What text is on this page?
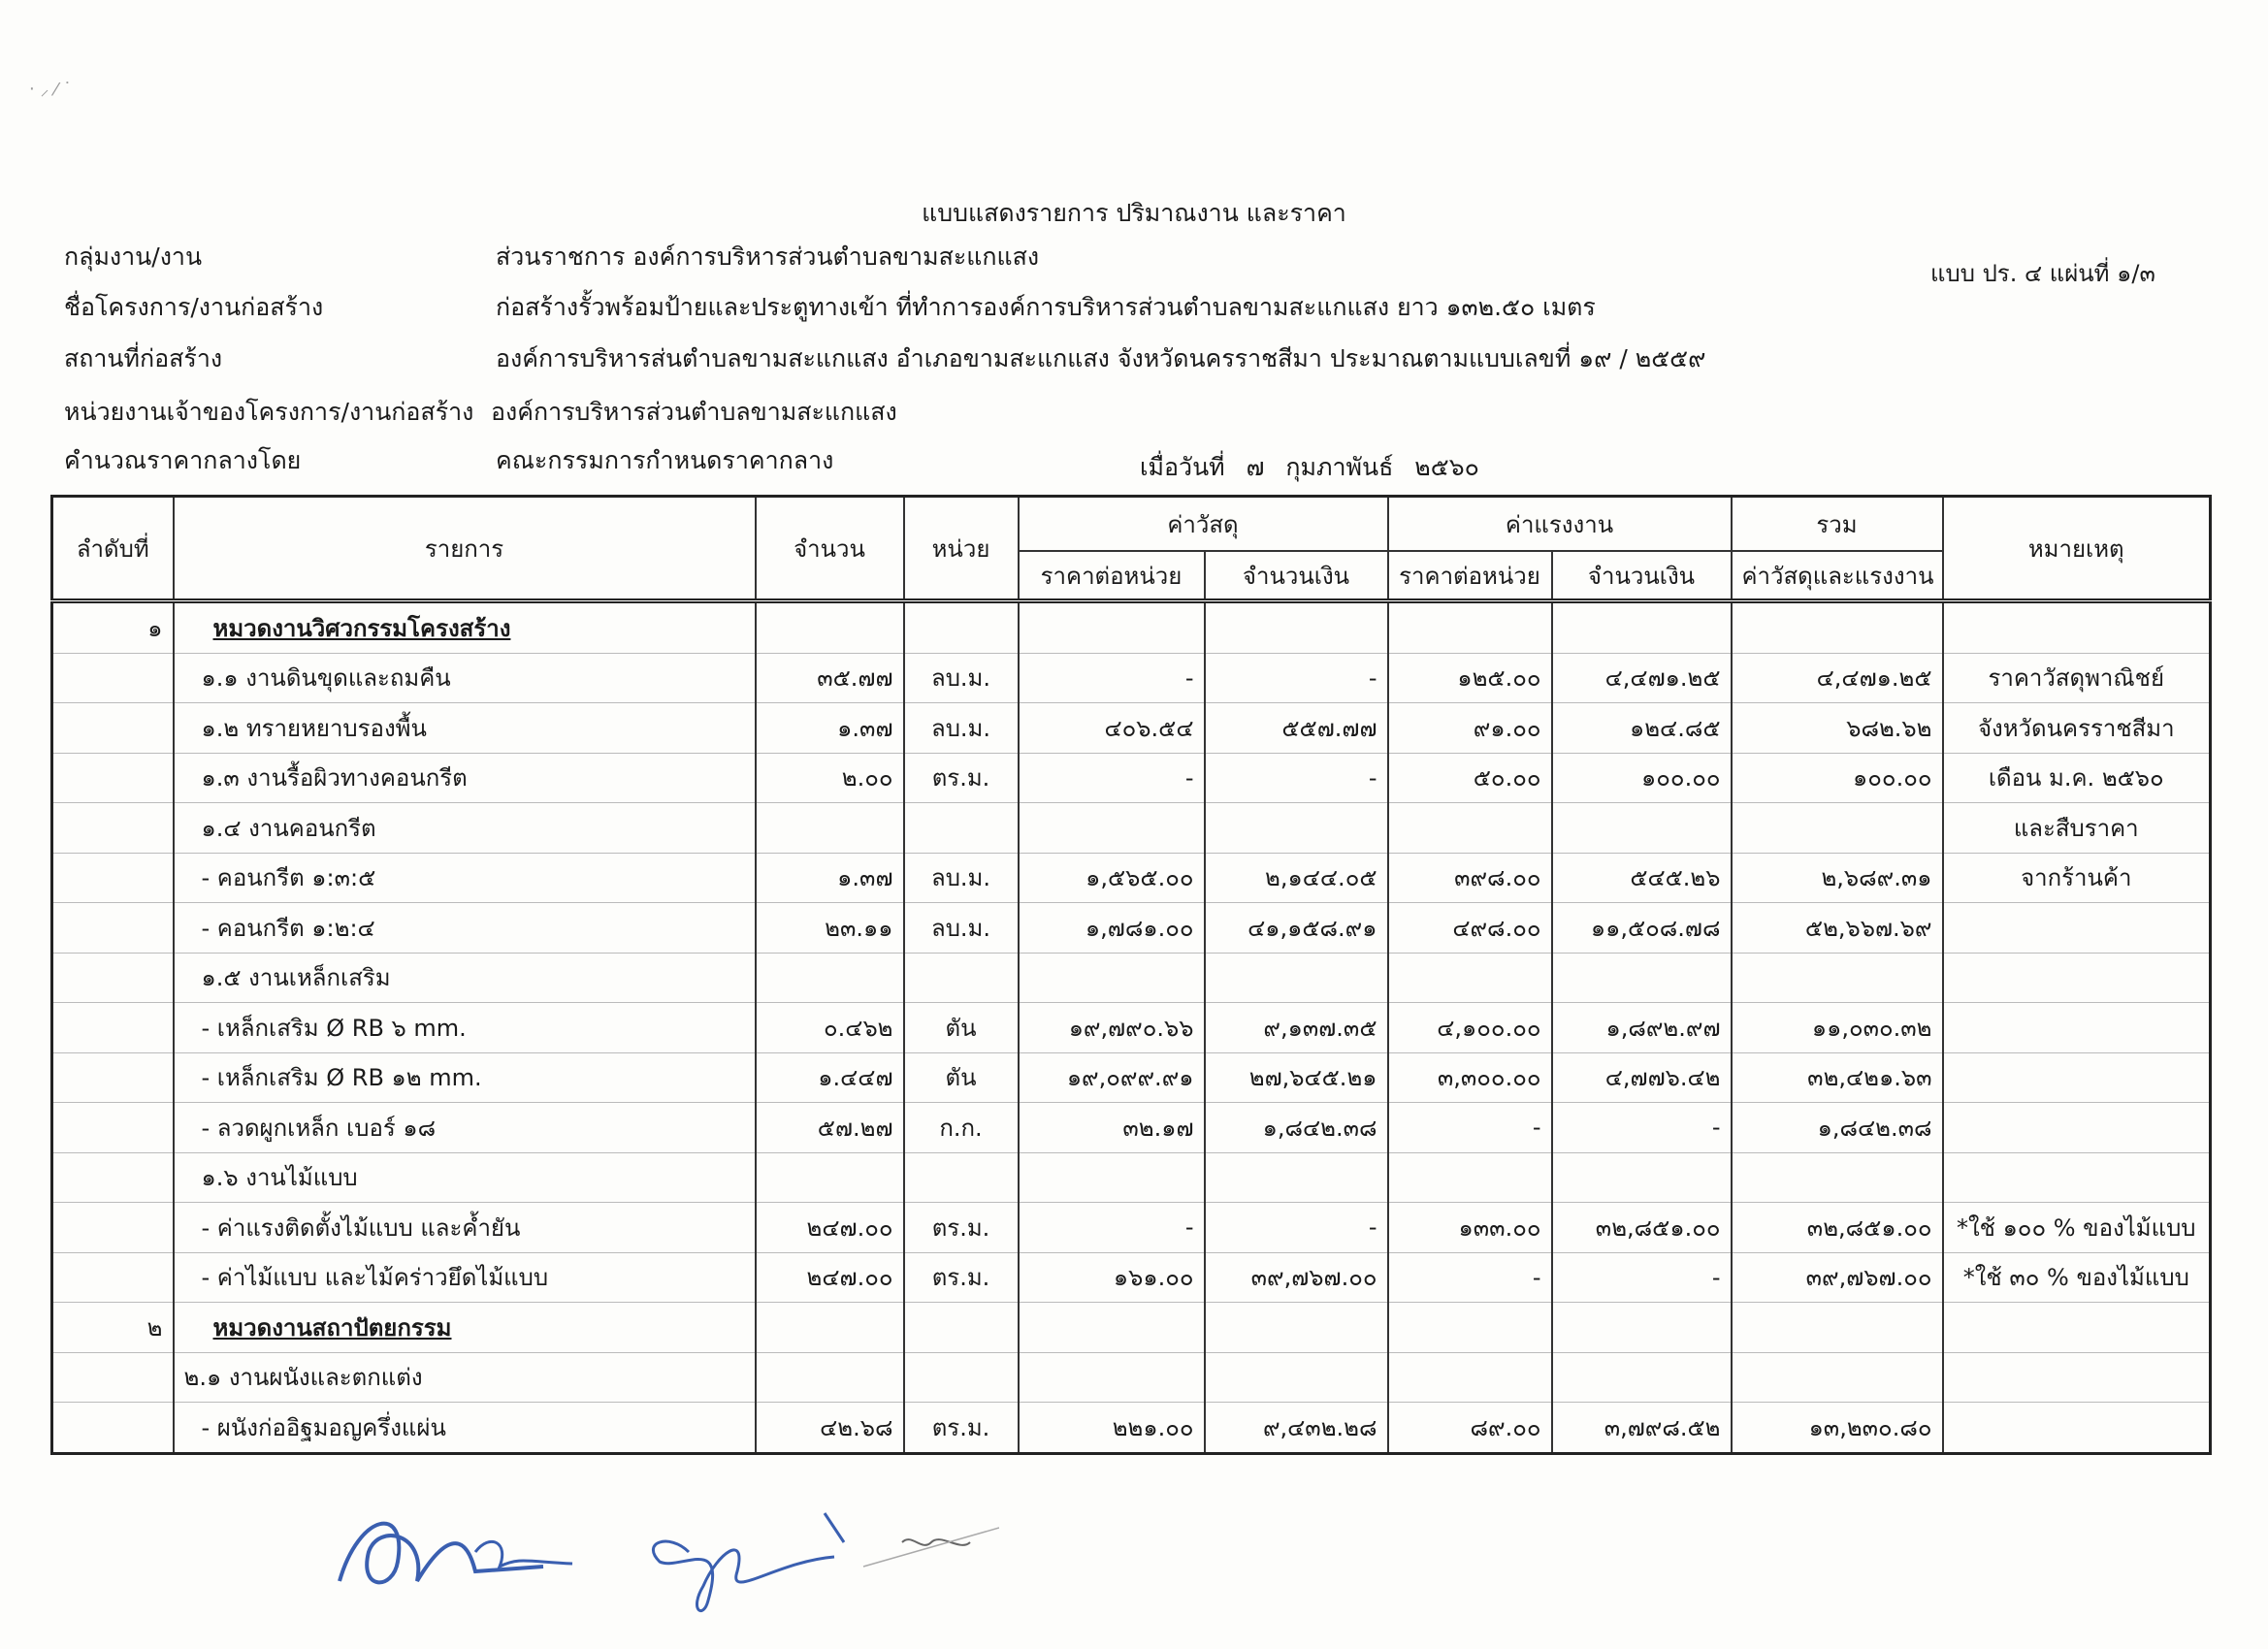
‧ ⸝ ⁄ ˙
แบบแสดงรายการ ปริมาณงาน และราคา
แบบ ปร. ๔ แผ่นที่ ๑/๓
กลุ่มงาน/งาน	ส่วนราชการ องค์การบริหารส่วนตำบลขามสะแกแสง
ชื่อโครงการ/งานก่อสร้าง	ก่อสร้างรั้วพร้อมป้ายและประตูทางเข้า ที่ทำการองค์การบริหารส่วนตำบลขามสะแกแสง ยาว ๑๓๒.๕๐ เมตร
สถานที่ก่อสร้าง	องค์การบริหารส่นตำบลขามสะแกแสง อำเภอขามสะแกแสง จังหวัดนครราชสีมา ประมาณตามแบบเลขที่ ๑๙ / ๒๕๕๙
หน่วยงานเจ้าของโครงการ/งานก่อสร้าง องค์การบริหารส่วนตำบลขามสะแกแสง
คำนวณราคากลางโดย	คณะกรรมการกำหนดราคากลาง	เมื่อวันที่ ๗ กุมภาพันธ์ ๒๕๖๐
ลำดับที่	รายการ	จำนวน	หน่วย	ค่าวัสดุ		ค่าแรงงาน		รวม	หมายเหตุ
				ราคาต่อหน่วย	จำนวนเงิน	ราคาต่อหน่วย	จำนวนเงิน	ค่าวัสดุและแรงงาน	
๑	หมวดงานวิศวกรรมโครงสร้าง								
	๑.๑ งานดินขุดและถมคืน	๓๕.๗๗	ลบ.ม.	-	-	๑๒๕.๐๐	๔,๔๗๑.๒๕	๔,๔๗๑.๒๕	ราคาวัสดุพาณิชย์
	๑.๒ ทรายหยาบรองพื้น	๑.๓๗	ลบ.ม.	๔๐๖.๕๔	๕๕๗.๗๗	๙๑.๐๐	๑๒๔.๘๕	๖๘๒.๖๒	จังหวัดนครราชสีมา
	๑.๓ งานรื้อผิวทางคอนกรีต	๒.๐๐	ตร.ม.	-	-	๕๐.๐๐	๑๐๐.๐๐	๑๐๐.๐๐	เดือน ม.ค. ๒๕๖๐
	๑.๔ งานคอนกรีต								และสืบราคา
	- คอนกรีต ๑:๓:๕	๑.๓๗	ลบ.ม.	๑,๕๖๕.๐๐	๒,๑๔๔.๐๕	๓๙๘.๐๐	๕๔๕.๒๖	๒,๖๘๙.๓๑	จากร้านค้า
	- คอนกรีต ๑:๒:๔	๒๓.๑๑	ลบ.ม.	๑,๗๘๑.๐๐	๔๑,๑๕๘.๙๑	๔๙๘.๐๐	๑๑,๕๐๘.๗๘	๕๒,๖๖๗.๖๙	
	๑.๕ งานเหล็กเสริม								
	- เหล็กเสริม Ø RB ๖ mm.	๐.๔๖๒	ตัน	๑๙,๗๙๐.๖๖	๙,๑๓๗.๓๕	๔,๑๐๐.๐๐	๑,๘๙๒.๙๗	๑๑,๐๓๐.๓๒	
	- เหล็กเสริม Ø RB ๑๒ mm.	๑.๔๔๗	ตัน	๑๙,๐๙๙.๙๑	๒๗,๖๔๕.๒๑	๓,๓๐๐.๐๐	๔,๗๗๖.๔๒	๓๒,๔๒๑.๖๓	
	- ลวดผูกเหล็ก เบอร์ ๑๘	๕๗.๒๗	ก.ก.	๓๒.๑๗	๑,๘๔๒.๓๘	-	-	๑,๘๔๒.๓๘	
	๑.๖ งานไม้แบบ								
	- ค่าแรงติดตั้งไม้แบบ และค้ำยัน	๒๔๗.๐๐	ตร.ม.	-	-	๑๓๓.๐๐	๓๒,๘๕๑.๐๐	๓๒,๘๕๑.๐๐	*ใช้ ๑๐๐ % ของไม้แบบ
	- ค่าไม้แบบ และไม้คร่าวยึดไม้แบบ	๒๔๗.๐๐	ตร.ม.	๑๖๑.๐๐	๓๙,๗๖๗.๐๐	-	-	๓๙,๗๖๗.๐๐	*ใช้ ๓๐ % ของไม้แบบ
๒	หมวดงานสถาปัตยกรรม								
	๒.๑ งานผนังและตกแต่ง								
	- ผนังก่ออิฐมอญครึ่งแผ่น	๔๒.๖๘	ตร.ม.	๒๒๑.๐๐	๙,๔๓๒.๒๘	๘๙.๐๐	๓,๗๙๘.๕๒	๑๓,๒๓๐.๘๐	
